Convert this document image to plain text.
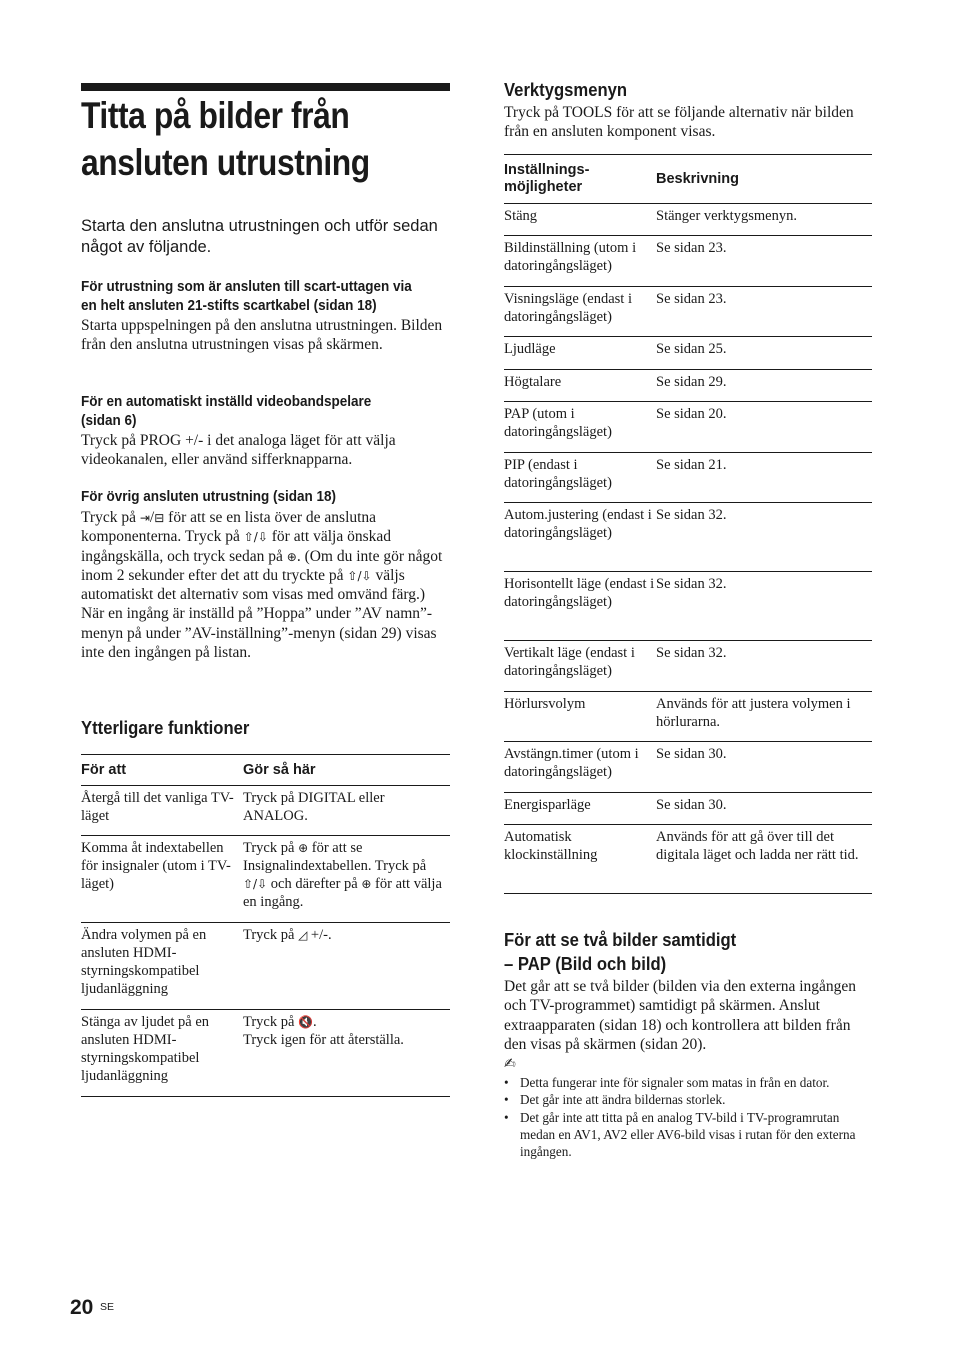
Titta på bilder från
ansluten utrustning
Starta den anslutna utrustningen och utför sedan något av följande.
För utrustning som är ansluten till scart-uttagen via
en helt ansluten 21-stifts scartkabel (sidan 18)
Starta uppspelningen på den anslutna utrustningen. Bilden från den anslutna utrustningen visas på skärmen.
För en automatiskt inställd videobandspelare
(sidan 6)
Tryck på PROG +/- i det analoga läget för att välja videokanalen, eller använd sifferknapparna.
För övrig ansluten utrustning (sidan 18)
Tryck på ⇥/⊟ för att se en lista över de anslutna komponenterna. Tryck på ⇧/⇩ för att välja önskad ingångskälla, och tryck sedan på ⊕. (Om du inte gör något inom 2 sekunder efter det att du tryckte på ⇧/⇩ väljs automatiskt det alternativ som visas med omvänd färg.)
När en ingång är inställd på ”Hoppa” under ”AV namn”-menyn på under ”AV-inställning”-menyn (sidan 29) visas inte den ingången på listan.
Ytterligare funktioner
För att	Gör så här

Återgå till det vanliga TV-läget	Tryck på DIGITAL eller ANALOG.

Komma åt indextabellen för insignaler (utom i TV-läget)	Tryck på ⊕ för att se Insignalindextabellen. Tryck på ⇧/⇩ och därefter på ⊕ för att välja en ingång.

Ändra volymen på en ansluten HDMI-styrningskompatibel ljudanläggning	Tryck på ◿ +/-.

Stänga av ljudet på en ansluten HDMI-styrningskompatibel ljudanläggning	Tryck på 🔇.
Tryck igen för att återställa.
Verktygsmenyn
Tryck på TOOLS för att se följande alternativ när bilden från en ansluten komponent visas.
Inställnings-
möjligheter	Beskrivning

Stäng	Stänger verktygsmenyn.

Bildinställning (utom i datoringångsläget)	Se sidan 23.

Visningsläge (endast i datoringångsläget)	Se sidan 23.

Ljudläge	Se sidan 25.

Högtalare	Se sidan 29.

PAP (utom i datoringångsläget)	Se sidan 20.

PIP (endast i datoringångsläget)	Se sidan 21.

Autom.justering (endast i datoringångsläget)	Se sidan 32.

Horisontellt läge (endast i datoringångsläget)	Se sidan 32.

Vertikalt läge (endast i datoringångsläget)	Se sidan 32.

Hörlursvolym	Används för att justera volymen i hörlurarna.

Avstängn.timer (utom i datoringångsläget)	Se sidan 30.

Energisparläge	Se sidan 30.

Automatisk klockinställning	Används för att gå över till det digitala läget och ladda ner rätt tid.
För att se två bilder samtidigt
– PAP (Bild och bild)
Det går att se två bilder (bilden via den externa ingången och TV-programmet) samtidigt på skärmen. Anslut extraapparaten (sidan 18) och kontrollera att bilden från den visas på skärmen (sidan 20).
✍
• Detta fungerar inte för signaler som matas in från en dator.
• Det går inte att ändra bildernas storlek.
• Det går inte att titta på en analog TV-bild i TV-programrutan medan en AV1, AV2 eller AV6-bild visas i rutan för den externa ingången.
20 SE
